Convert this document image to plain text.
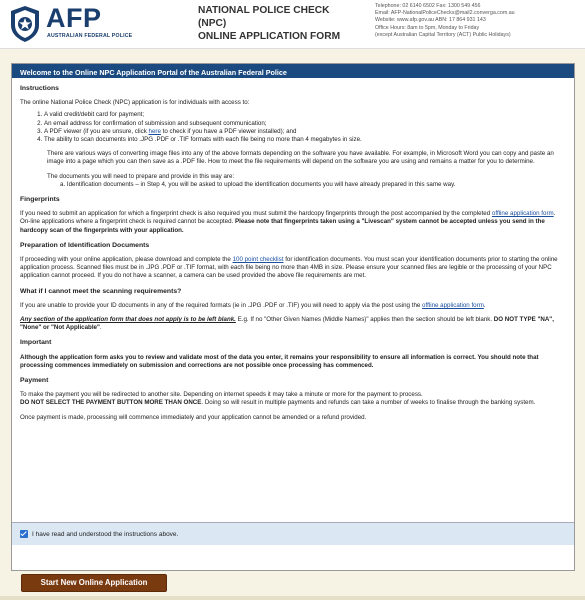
AFP
AUSTRALIAN FEDERAL POLICE
NATIONAL POLICE CHECK (NPC)
ONLINE APPLICATION FORM
Telephone: 02 6140 6502 Fax: 1300 549 456
Email: AFP-NationalPoliceChecks@mail2.converga.com.au
Website: www.afp.gov.au ABN: 17 864 931 143
Office Hours: 8am to 5pm, Monday to Friday
(except Australian Capital Territory (ACT) Public Holidays)
Welcome to the Online NPC Application Portal of the Australian Federal Police

Instructions

The online National Police Check (NPC) application is for individuals with access to:

1. A valid credit/debit card for payment;
2. An email address for confirmation of submission and subsequent communication;
3. A PDF viewer (if you are unsure, click here to check if you have a PDF viewer installed); and
4. The ability to scan documents into .JPG .PDF or .TIF formats with each file being no more than 4 megabytes in size.

There are various ways of converting image files into any of the above formats depending on the software you have available. For example, in Microsoft Word you can copy and paste an image into a page which you can then save as a .PDF file. How to meet the file requirements will depend on the software you are using and remains a matter for you to determine.

The documents you will need to prepare and provide in this way are:

a. Identification documents – in Step 4, you will be asked to upload the identification documents you will have already prepared in this same way.

Fingerprints

If you need to submit an application for which a fingerprint check is also required you must submit the hardcopy fingerprints through the post accompanied by the completed offline application form. On-line applications where a fingerprint check is required cannot be accepted. Please note that fingerprints taken using a "Livescan" system cannot be accepted unless you send in the hardcopy scan of the fingerprints with your application.

Preparation of Identification Documents

If proceeding with your online application, please download and complete the 100 point checklist for identification documents. You must scan your identification documents prior to starting the online application process. Scanned files must be in .JPG .PDF or .TIF format, with each file being no more than 4MB in size. Please ensure your scanned files are legible or the processing of your NPC application cannot proceed. If you do not have a scanner, a camera can be used provided the above file requirements are met.

What if I cannot meet the scanning requirements?

If you are unable to provide your ID documents in any of the required formats (ie in .JPG .PDF or .TIF) you will need to apply via the post using the offline application form.

Any section of the application form that does not apply is to be left blank. E.g. If no "Other Given Names (Middle Names)" applies then the section should be left blank. DO NOT TYPE "NA", "None" or "Not Applicable".

Important

Although the application form asks you to review and validate most of the data you enter, it remains your responsibility to ensure all information is correct. You should note that processing commences immediately on submission and corrections are not possible once processing has commenced.

Payment

To make the payment you will be redirected to another site. Depending on internet speeds it may take a minute or more for the payment to process.

DO NOT SELECT THE PAYMENT BUTTON MORE THAN ONCE. Doing so will result in multiple payments and refunds can take a number of weeks to finalise through the banking system.

Once payment is made, processing will commence immediately and your application cannot be amended or a refund provided.

I have read and understood the instructions above.
Start New Online Application
